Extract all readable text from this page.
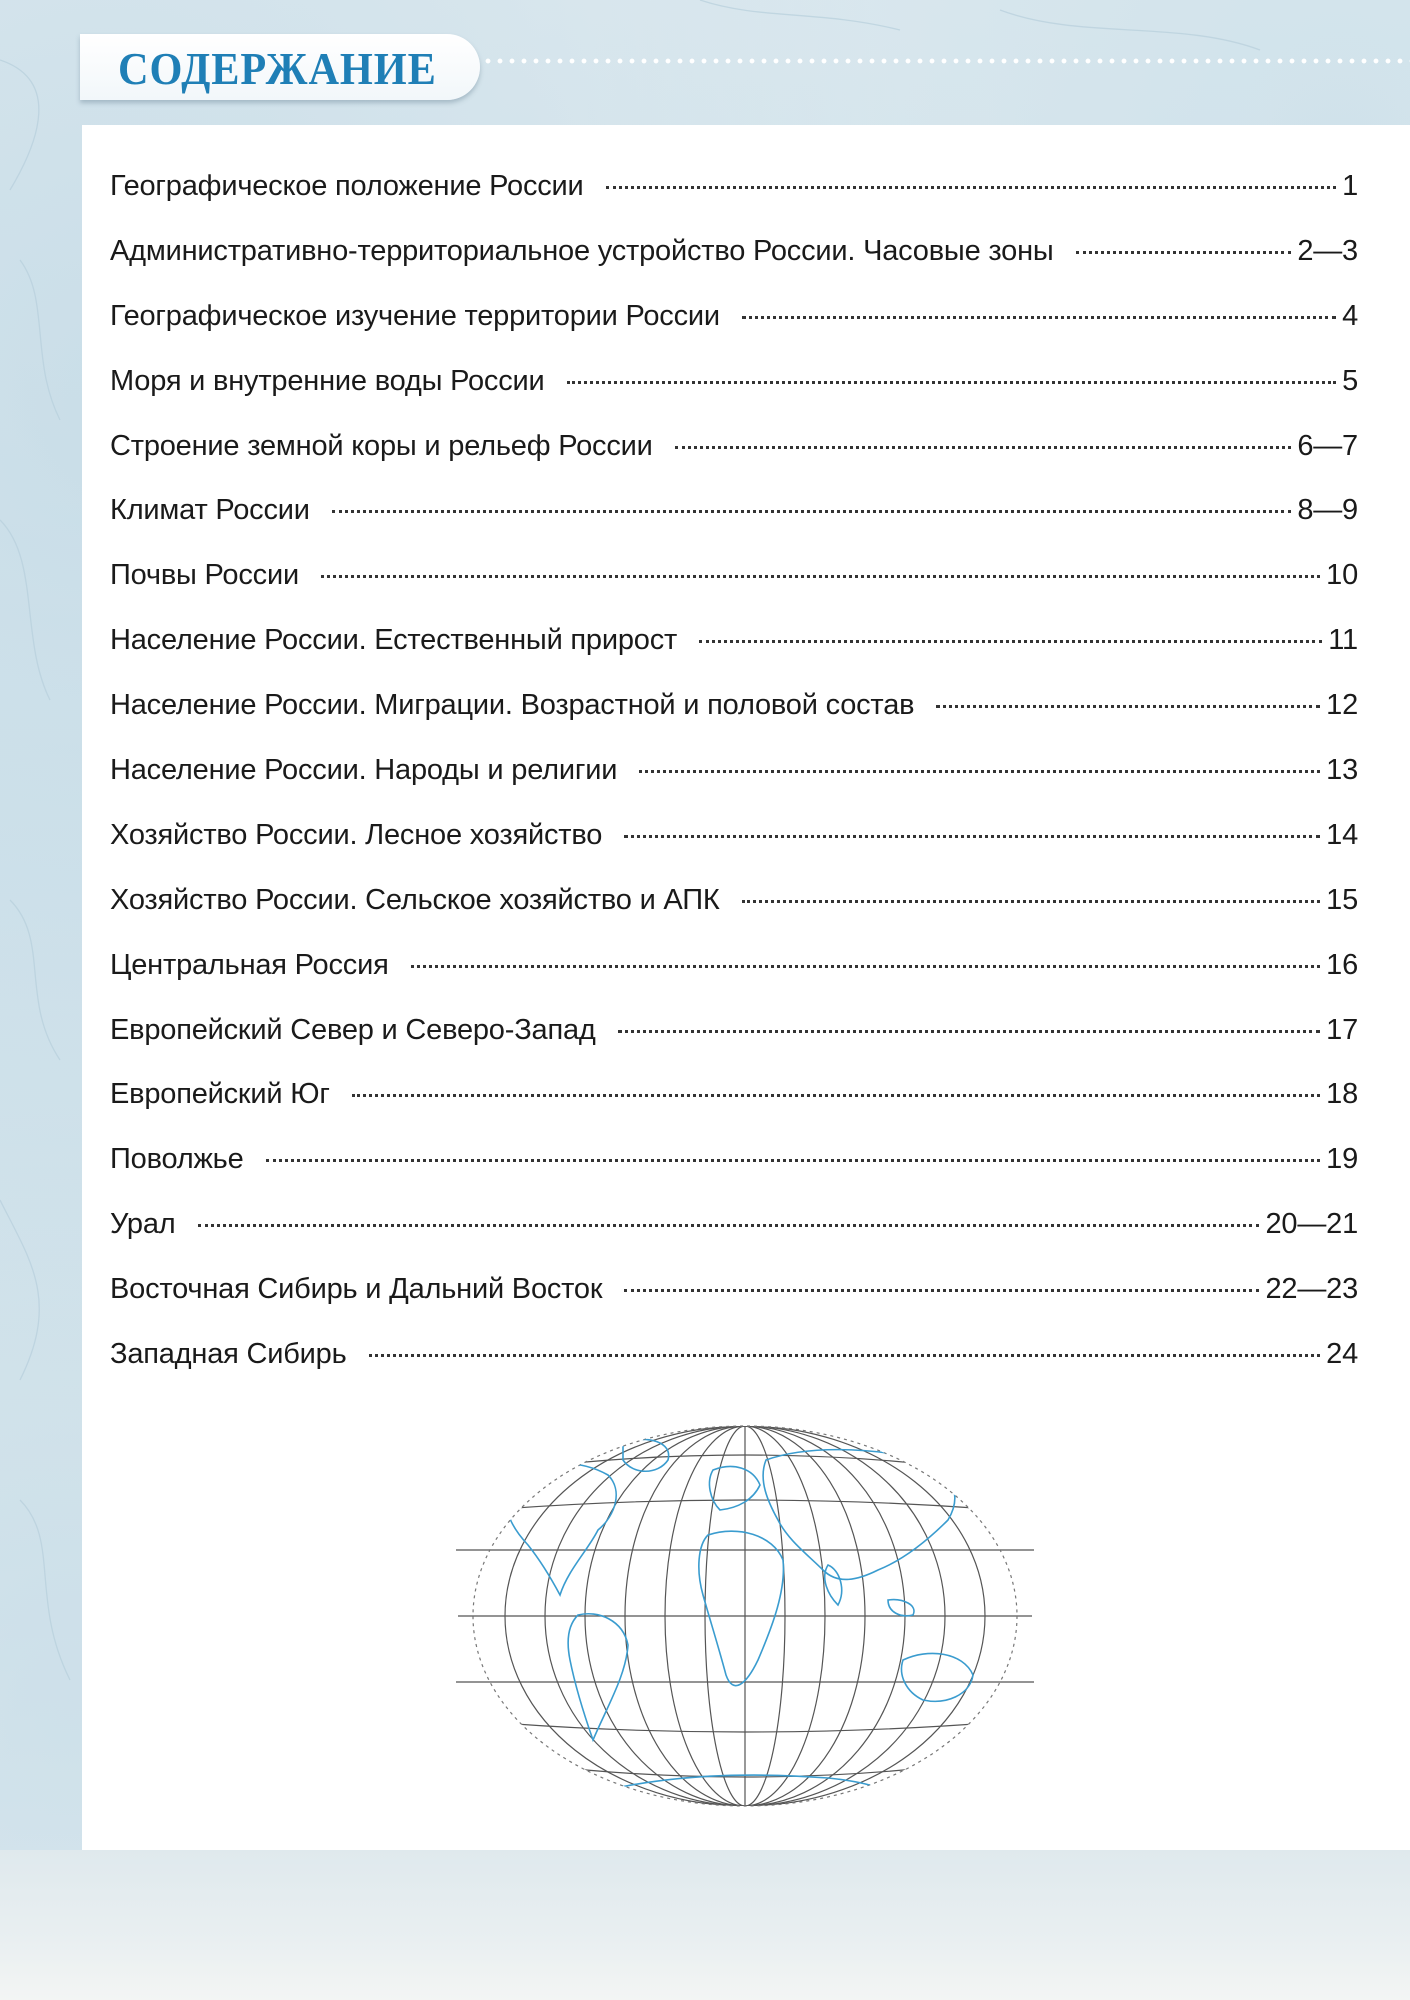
СОДЕРЖАНИЕ
Географическое положение России	1
Административно-территориальное устройство России. Часовые зоны	2—3
Географическое изучение территории России	4
Моря и внутренние воды России	5
Строение земной коры и рельеф России	6—7
Климат России	8—9
Почвы России	10
Население России. Естественный прирост	11
Население России. Миграции. Возрастной и половой состав	12
Население России. Народы и религии	13
Хозяйство России. Лесное хозяйство	14
Хозяйство России. Сельское хозяйство и АПК	15
Центральная Россия	16
Европейский Север и Северо-Запад	17
Европейский Юг	18
Поволжье	19
Урал	20—21
Восточная Сибирь и Дальний Восток	22—23
Западная Сибирь	24
